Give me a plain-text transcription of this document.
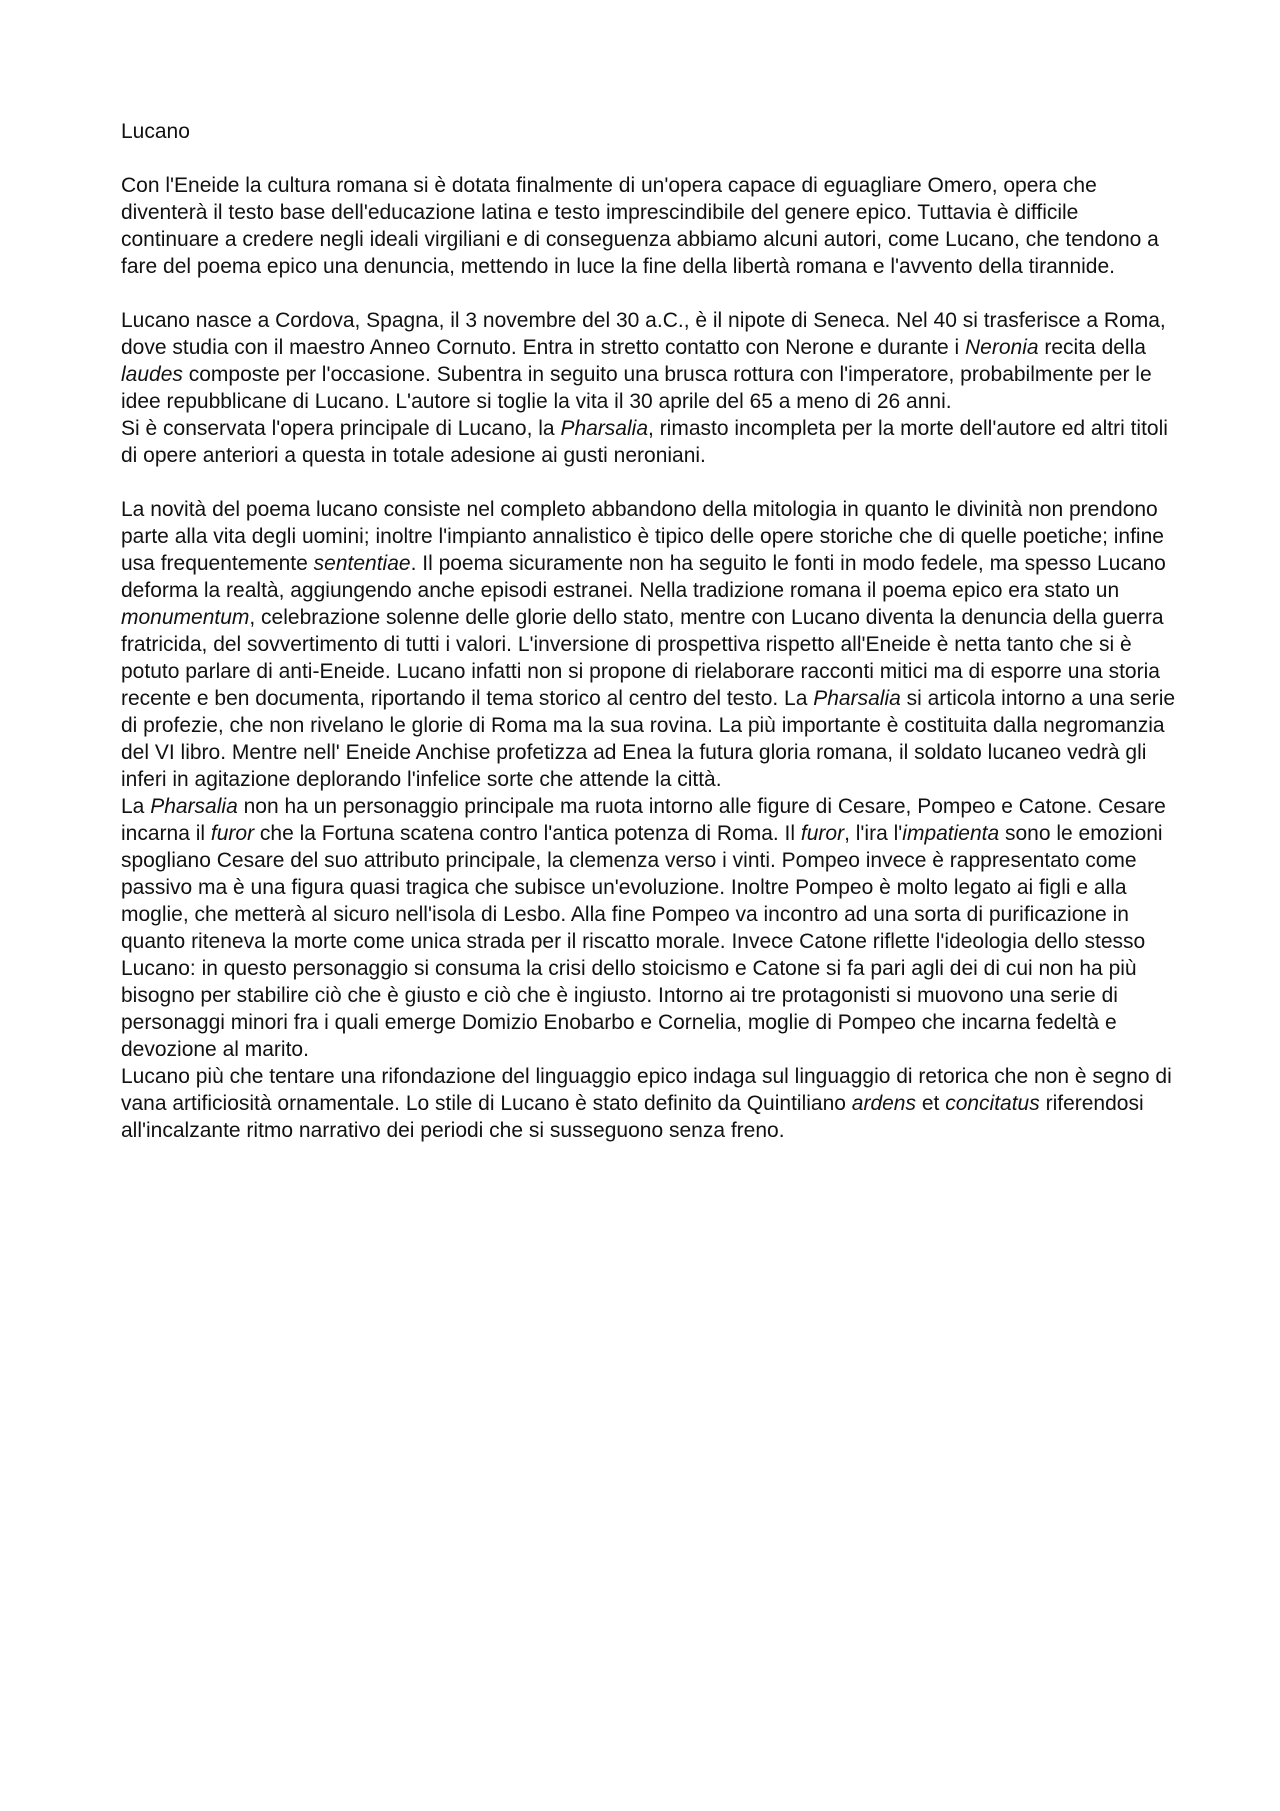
Lucano

Con l'Eneide la cultura romana si è dotata finalmente di un'opera capace di eguagliare Omero, opera che diventerà il testo base dell'educazione latina e testo imprescindibile del genere epico. Tuttavia è difficile continuare a credere negli ideali virgiliani e di conseguenza abbiamo alcuni autori, come Lucano, che tendono a fare del poema epico una denuncia, mettendo in luce la fine della libertà romana e l'avvento della tirannide.

Lucano nasce a Cordova, Spagna, il 3 novembre del 30 a.C., è il nipote di Seneca. Nel 40 si trasferisce a Roma, dove studia con il maestro Anneo Cornuto. Entra in stretto contatto con Nerone e durante i Neronia recita della laudes composte per l'occasione. Subentra in seguito una brusca rottura con l'imperatore, probabilmente per le idee repubblicane di Lucano. L'autore si toglie la vita il 30 aprile del 65 a meno di 26 anni.

Si è conservata l'opera principale di Lucano, la Pharsalia, rimasto incompleta per la morte dell'autore ed altri titoli di opere anteriori a questa in totale adesione ai gusti neroniani.

La novità del poema lucano consiste nel completo abbandono della mitologia in quanto le divinità non prendono parte alla vita degli uomini; inoltre l'impianto annalistico è tipico delle opere storiche che di quelle poetiche; infine usa frequentemente sententiae. Il poema sicuramente non ha seguito le fonti in modo fedele, ma spesso Lucano deforma la realtà, aggiungendo anche episodi estranei. Nella tradizione romana il poema epico era stato un monumentum, celebrazione solenne delle glorie dello stato, mentre con Lucano diventa la denuncia della guerra fratricida, del sovvertimento di tutti i valori. L'inversione di prospettiva rispetto all'Eneide è netta tanto che si è potuto parlare di anti-Eneide. Lucano infatti non si propone di rielaborare racconti mitici ma di esporre una storia recente e ben documenta, riportando il tema storico al centro del testo. La Pharsalia si articola intorno a una serie di profezie, che non rivelano le glorie di Roma ma la sua rovina. La più importante è costituita dalla negromanzia del VI libro. Mentre nell' Eneide Anchise profetizza ad Enea la futura gloria romana, il soldato lucaneo vedrà gli inferi in agitazione deplorando l'infelice sorte che attende la città.

La Pharsalia non ha un personaggio principale ma ruota intorno alle figure di Cesare, Pompeo e Catone. Cesare incarna il furor che la Fortuna scatena contro l'antica potenza di Roma. Il furor, l'ira l'impatienta sono le emozioni spogliano Cesare del suo attributo principale, la clemenza verso i vinti. Pompeo invece è rappresentato come passivo ma è una figura quasi tragica che subisce un'evoluzione. Inoltre Pompeo è molto legato ai figli e alla moglie, che metterà al sicuro nell'isola di Lesbo. Alla fine Pompeo va incontro ad una sorta di purificazione in quanto riteneva la morte come unica strada per il riscatto morale. Invece Catone riflette l'ideologia dello stesso Lucano: in questo personaggio si consuma la crisi dello stoicismo e Catone si fa pari agli dei di cui non ha più bisogno per stabilire ciò che è giusto e ciò che è ingiusto. Intorno ai tre protagonisti si muovono una serie di personaggi minori fra i quali emerge Domizio Enobarbo e Cornelia, moglie di Pompeo che incarna fedeltà e devozione al marito.

Lucano più che tentare una rifondazione del linguaggio epico indaga sul linguaggio di retorica che non è segno di vana artificiosità ornamentale. Lo stile di Lucano è stato definito da Quintiliano ardens et concitatus riferendosi all'incalzante ritmo narrativo dei periodi che si susseguono senza freno.
